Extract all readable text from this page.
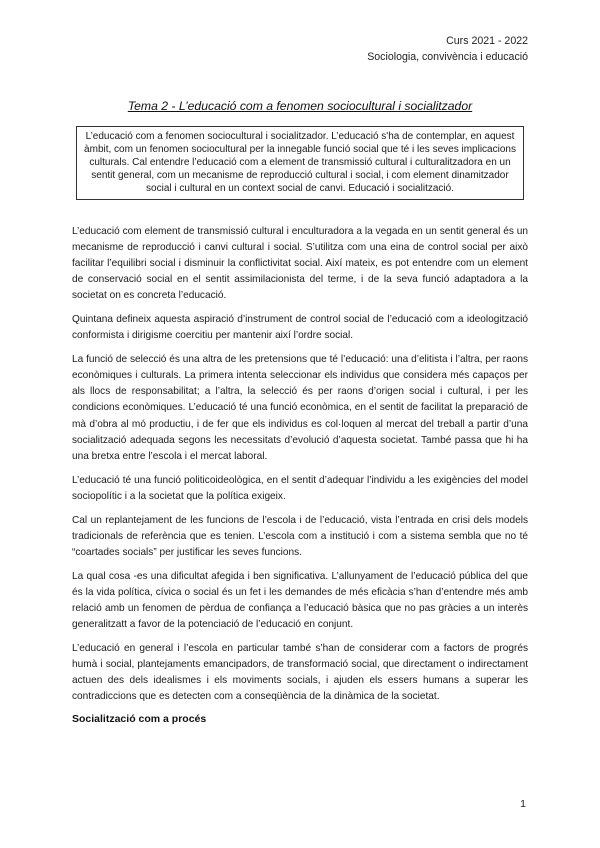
Curs 2021 - 2022
Sociologia, convivència i educació
Tema 2 - L’educació com a fenomen sociocultural i socialitzador
L’educació com a fenomen sociocultural i socialitzador. L’educació s'ha de contemplar, en aquest àmbit, com un fenomen sociocultural per la innegable funció social que té i les seves implicacions culturals. Cal entendre l’educació com a element de transmissió cultural i culturalitzadora en un sentit general, com un mecanisme de reproducció cultural i social, i com element dinamitzador social i cultural en un context social de canvi. Educació i socialització.

L’educació com element de transmissió cultural i enculturadora a la vegada en un sentit general és un mecanisme de reproducció i canvi cultural i social. S’utilitza com una eina de control social per això facilitar l’equilibri social i disminuir la conflictivitat social. Així mateix, es pot entendre com un element de conservació social en el sentit assimilacionista del terme, i de la seva funció adaptadora a la societat on es concreta l’educació.

Quintana defineix aquesta aspiració d’instrument de control social de l’educació com a ideologització conformista i dirigisme coercitiu per mantenir així l’ordre social.

La funció de selecció és una altra de les pretensions que té l’educació: una d’elitista i l’altra, per raons econòmiques i culturals. La primera intenta seleccionar els individus que considera més capaços per als llocs de responsabilitat; a l’altra, la selecció és per raons d’origen social i cultural, i per les condicions econòmiques. L’educació té una funció econòmica, en el sentit de facilitat la preparació de mà d’obra al mó productiu, i de fer que els individus es col·loquen al mercat del treball a partir d’una socialització adequada segons les necessitats d’evolució d’aquesta societat. També passa que hi ha una bretxa entre l’escola i el mercat laboral.

L’educació té una funció politicoideològica, en el sentit d’adequar l’individu a les exigències del model sociopolític i a la societat que la política exigeix.

Cal un replantejament de les funcions de l’escola i de l’educació, vista l’entrada en crisi dels models tradicionals de referència que es tenien. L’escola com a institució i com a sistema sembla que no té “coartades socials” per justificar les seves funcions.

La qual cosa -es una dificultat afegida i ben significativa. L’allunyament de l’educació pública del que és la vida política, cívica o social és un fet i les demandes de més eficàcia s’han d’entendre més amb relació amb un fenomen de pèrdua de confiança a l’educació bàsica que no pas gràcies a un interès generalitzatt a favor de la potenciació de l’educació en conjunt.

L’educació en general i l’escola en particular també s’han de considerar com a factors de progrés humà i social, plantejaments emancipadors, de transformació social, que directament o indirectament actuen des dels idealismes i els moviments socials, i ajuden els essers humans a superar les contradiccions que es detecten com a conseqüència de la dinàmica de la societat.

Socialització com a procés
1
